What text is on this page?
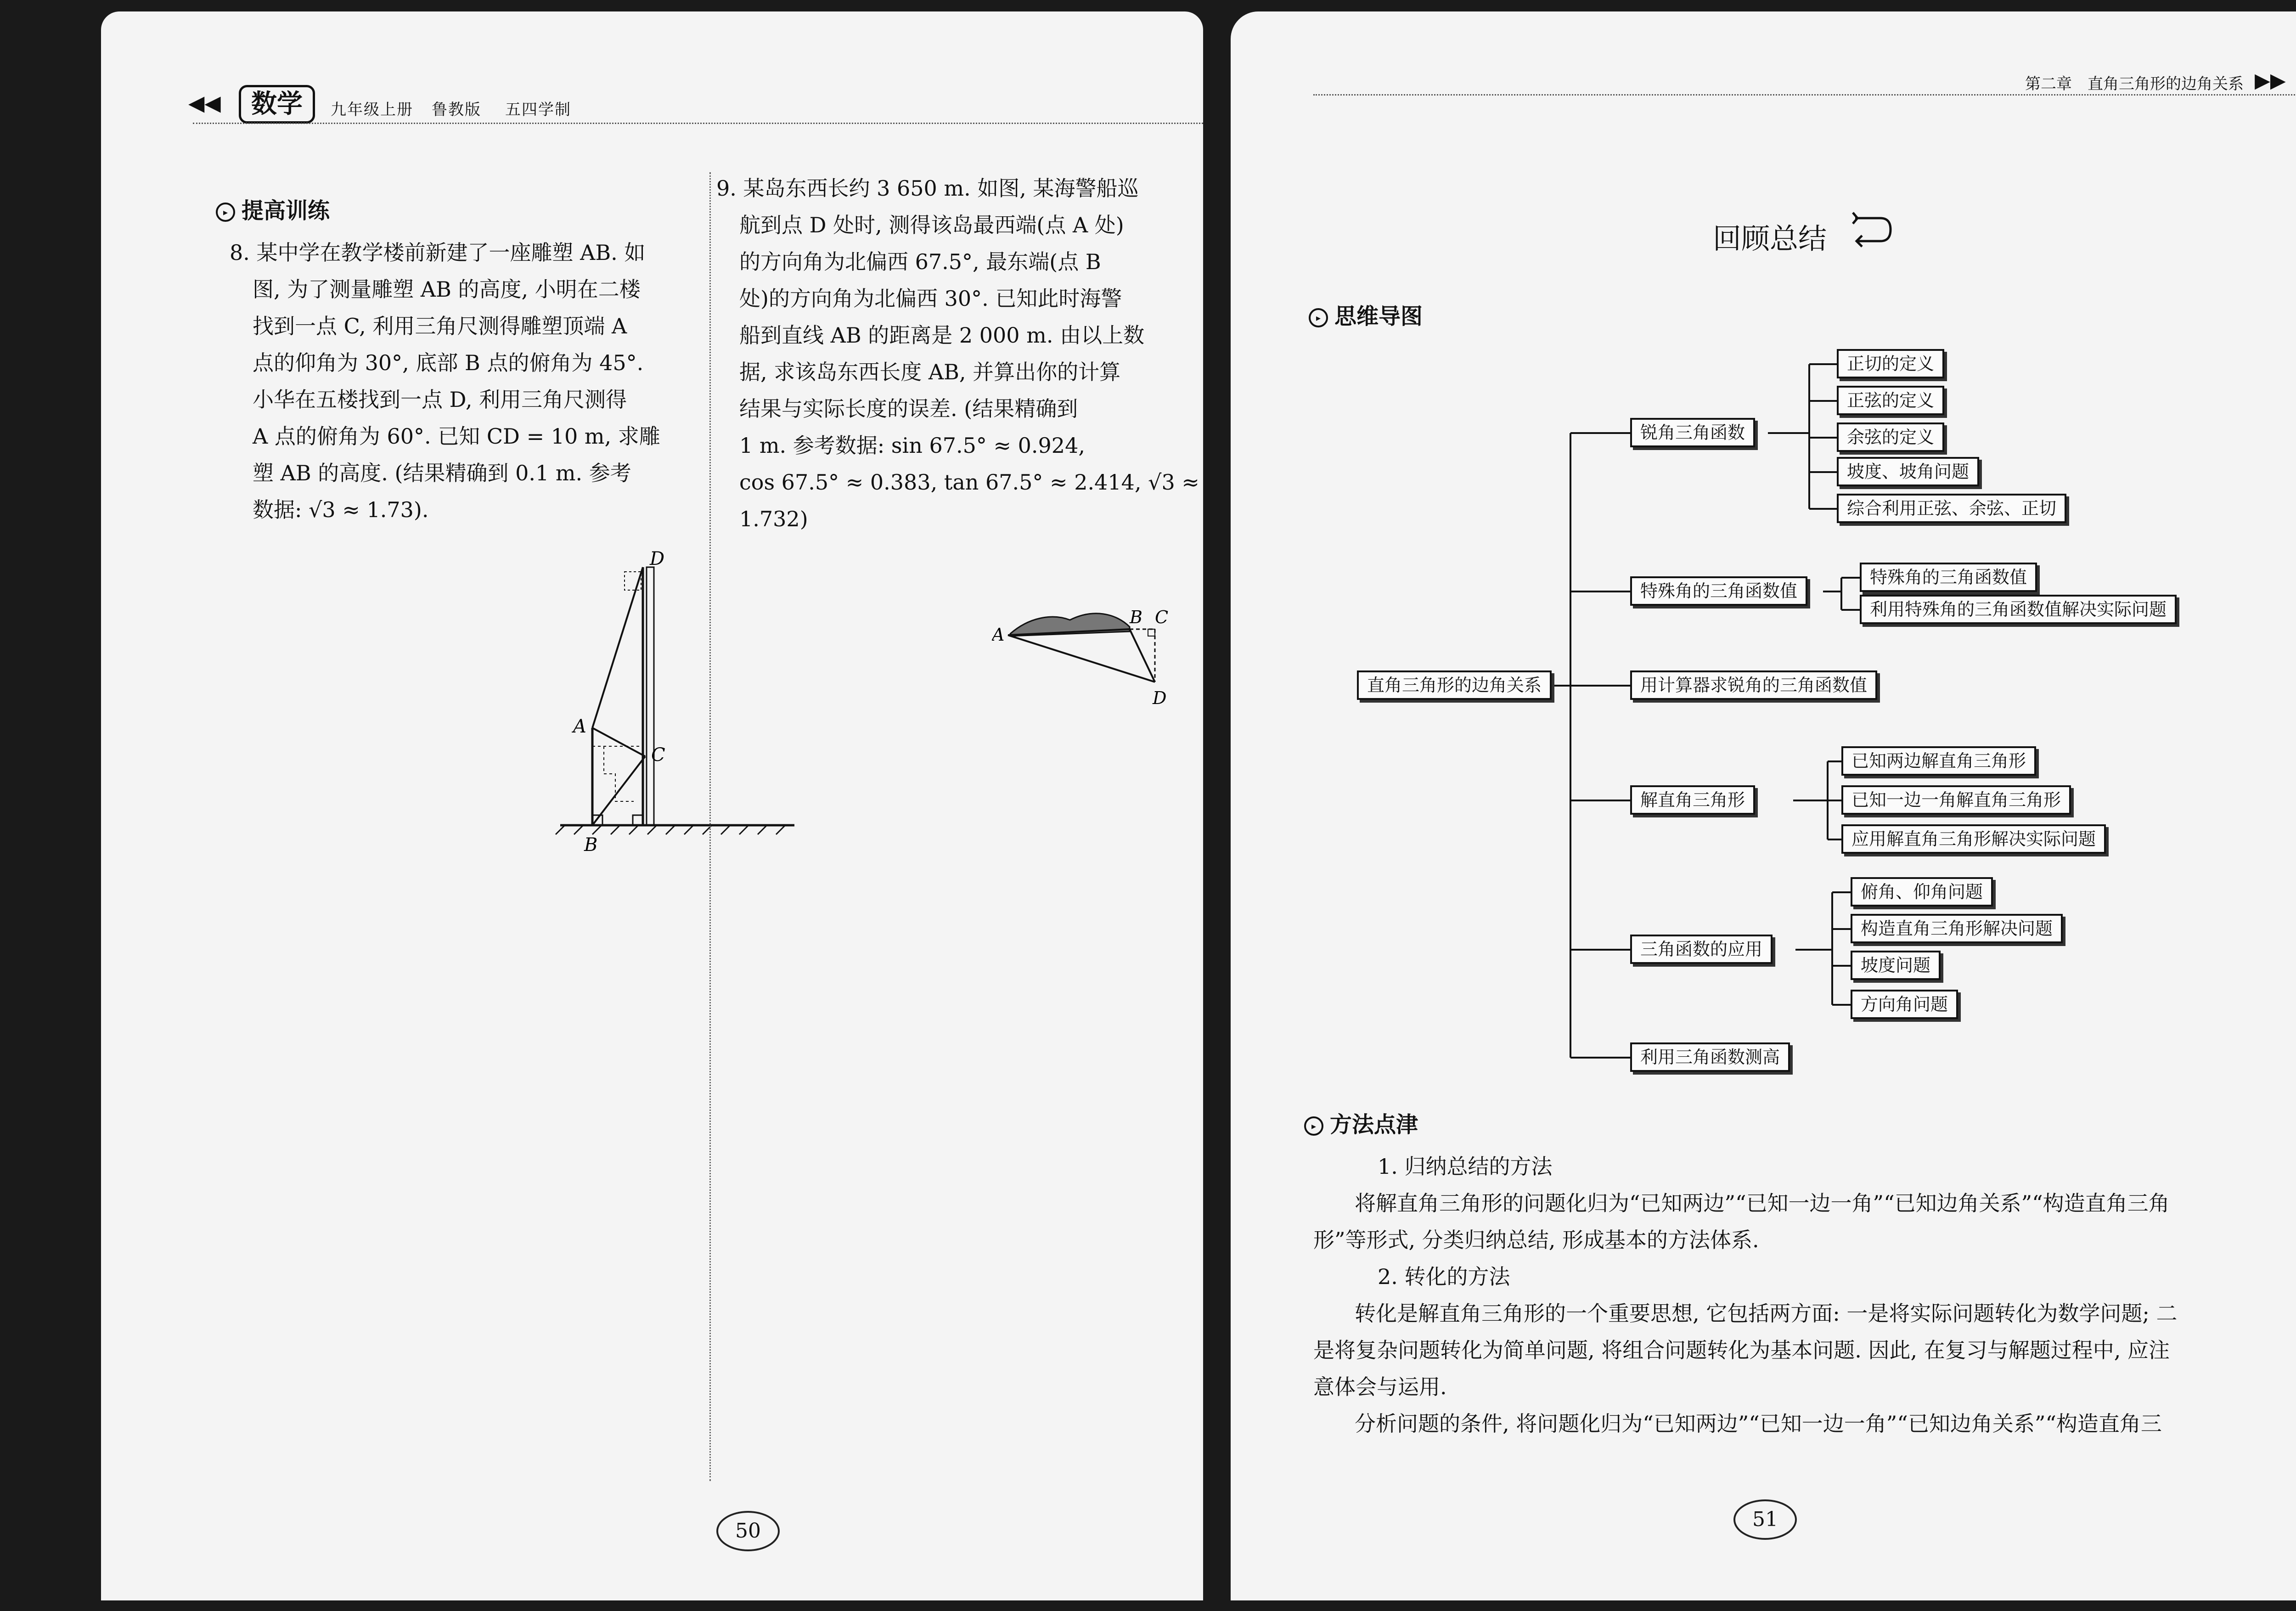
◀◀	数学	九年级上册 鲁教版 五四学制
▸ 提高训练
8. 某中学在教学楼前新建了一座雕塑 AB. 如
图, 为了测量雕塑 AB 的高度, 小明在二楼
找到一点 C, 利用三角尺测得雕塑顶端 A
点的仰角为 30°, 底部 B 点的俯角为 45°.
小华在五楼找到一点 D, 利用三角尺测得
A 点的俯角为 60°. 已知 CD = 10 m, 求雕
塑 AB 的高度. (结果精确到 0.1 m. 参考
数据: √3 ≈ 1.73).
D
A
C
B
9. 某岛东西长约 3 650 m. 如图, 某海警船巡
航到点 D 处时, 测得该岛最西端(点 A 处)
的方向角为北偏西 67.5°, 最东端(点 B
处)的方向角为北偏西 30°. 已知此时海警
船到直线 AB 的距离是 2 000 m. 由以上数
据, 求该岛东西长度 AB, 并算出你的计算
结果与实际长度的误差. (结果精确到
1 m. 参考数据: sin 67.5° ≈ 0.924,
cos 67.5° ≈ 0.383, tan 67.5° ≈ 2.414, √3 ≈
1.732)
A
B C
D
50
第二章　直角三角形的边角关系 ▶▶
回顾总结
▸ 思维导图
直角三角形的边角关系
锐角三角函数
正切的定义
正弦的定义
余弦的定义
坡度、坡角问题
综合利用正弦、余弦、正切
特殊角的三角函数值
特殊角的三角函数值
利用特殊角的三角函数值解决实际问题
用计算器求锐角的三角函数值
解直角三角形
已知两边解直角三角形
已知一边一角解直角三角形
应用解直角三角形解决实际问题
三角函数的应用
俯角、仰角问题
构造直角三角形解决问题
坡度问题
方向角问题
利用三角函数测高
▸ 方法点津
1. 归纳总结的方法
将解直角三角形的问题化归为“已知两边”“已知一边一角”“已知边角关系”“构造直角三角
形”等形式, 分类归纳总结, 形成基本的方法体系.
2. 转化的方法
转化是解直角三角形的一个重要思想, 它包括两方面: 一是将实际问题转化为数学问题; 二
是将复杂问题转化为简单问题, 将组合问题转化为基本问题. 因此, 在复习与解题过程中, 应注
意体会与运用.
分析问题的条件, 将问题化归为“已知两边”“已知一边一角”“已知边角关系”“构造直角三
51
